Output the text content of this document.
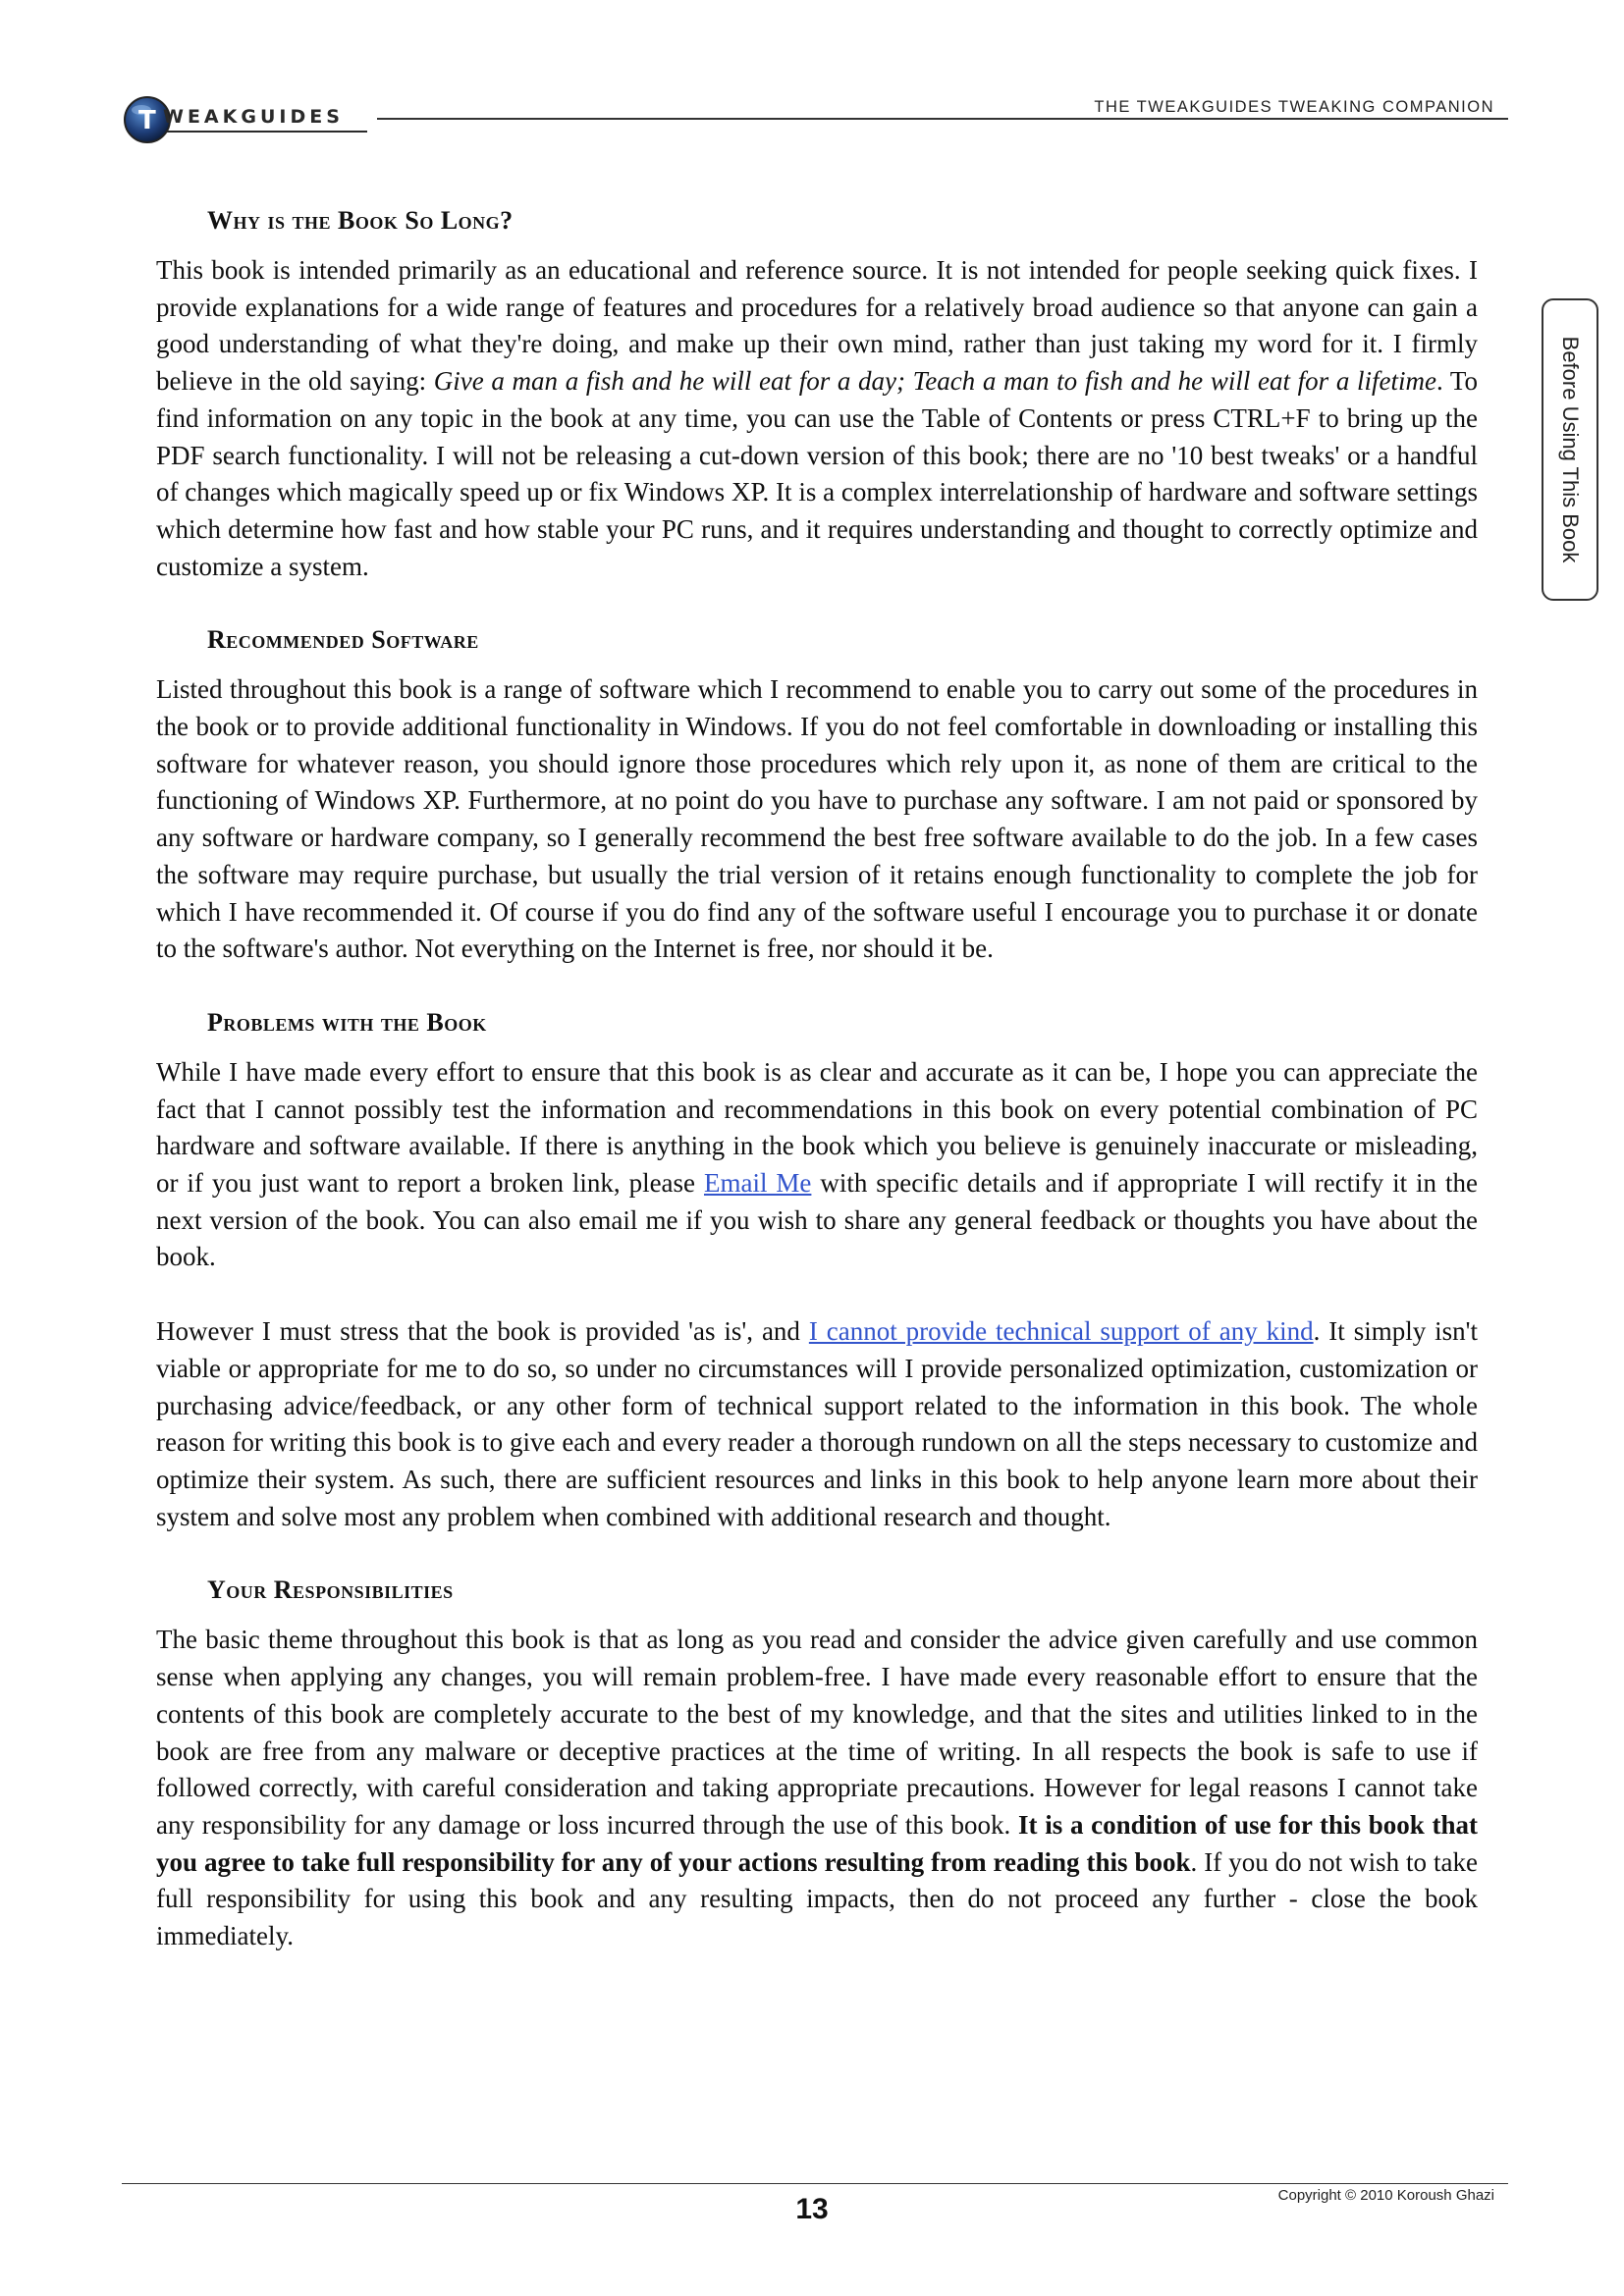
T WEAKGUIDES	THE TWEAKGUIDES TWEAKING COMPANION
Before Using This Book
Why is the Book So Long?

This book is intended primarily as an educational and reference source. It is not intended for people seeking quick fixes. I provide explanations for a wide range of features and procedures for a relatively broad audience so that anyone can gain a good understanding of what they're doing, and make up their own mind, rather than just taking my word for it. I firmly believe in the old saying: Give a man a fish and he will eat for a day; Teach a man to fish and he will eat for a lifetime. To find information on any topic in the book at any time, you can use the Table of Contents or press CTRL+F to bring up the PDF search functionality. I will not be releasing a cut-down version of this book; there are no '10 best tweaks' or a handful of changes which magically speed up or fix Windows XP. It is a complex interrelationship of hardware and software settings which determine how fast and how stable your PC runs, and it requires understanding and thought to correctly optimize and customize a system.

Recommended Software

Listed throughout this book is a range of software which I recommend to enable you to carry out some of the procedures in the book or to provide additional functionality in Windows. If you do not feel comfortable in downloading or installing this software for whatever reason, you should ignore those procedures which rely upon it, as none of them are critical to the functioning of Windows XP. Furthermore, at no point do you have to purchase any software. I am not paid or sponsored by any software or hardware company, so I generally recommend the best free software available to do the job. In a few cases the software may require purchase, but usually the trial version of it retains enough functionality to complete the job for which I have recommended it. Of course if you do find any of the software useful I encourage you to purchase it or donate to the software's author. Not everything on the Internet is free, nor should it be.

Problems with the Book

While I have made every effort to ensure that this book is as clear and accurate as it can be, I hope you can appreciate the fact that I cannot possibly test the information and recommendations in this book on every potential combination of PC hardware and software available. If there is anything in the book which you believe is genuinely inaccurate or misleading, or if you just want to report a broken link, please Email Me with specific details and if appropriate I will rectify it in the next version of the book. You can also email me if you wish to share any general feedback or thoughts you have about the book.

However I must stress that the book is provided 'as is', and I cannot provide technical support of any kind. It simply isn't viable or appropriate for me to do so, so under no circumstances will I provide personalized optimization, customization or purchasing advice/feedback, or any other form of technical support related to the information in this book. The whole reason for writing this book is to give each and every reader a thorough rundown on all the steps necessary to customize and optimize their system. As such, there are sufficient resources and links in this book to help anyone learn more about their system and solve most any problem when combined with additional research and thought.

Your Responsibilities

The basic theme throughout this book is that as long as you read and consider the advice given carefully and use common sense when applying any changes, you will remain problem-free. I have made every reasonable effort to ensure that the contents of this book are completely accurate to the best of my knowledge, and that the sites and utilities linked to in the book are free from any malware or deceptive practices at the time of writing. In all respects the book is safe to use if followed correctly, with careful consideration and taking appropriate precautions. However for legal reasons I cannot take any responsibility for any damage or loss incurred through the use of this book. It is a condition of use for this book that you agree to take full responsibility for any of your actions resulting from reading this book. If you do not wish to take full responsibility for using this book and any resulting impacts, then do not proceed any further - close the book immediately.

13	Copyright © 2010 Koroush Ghazi
